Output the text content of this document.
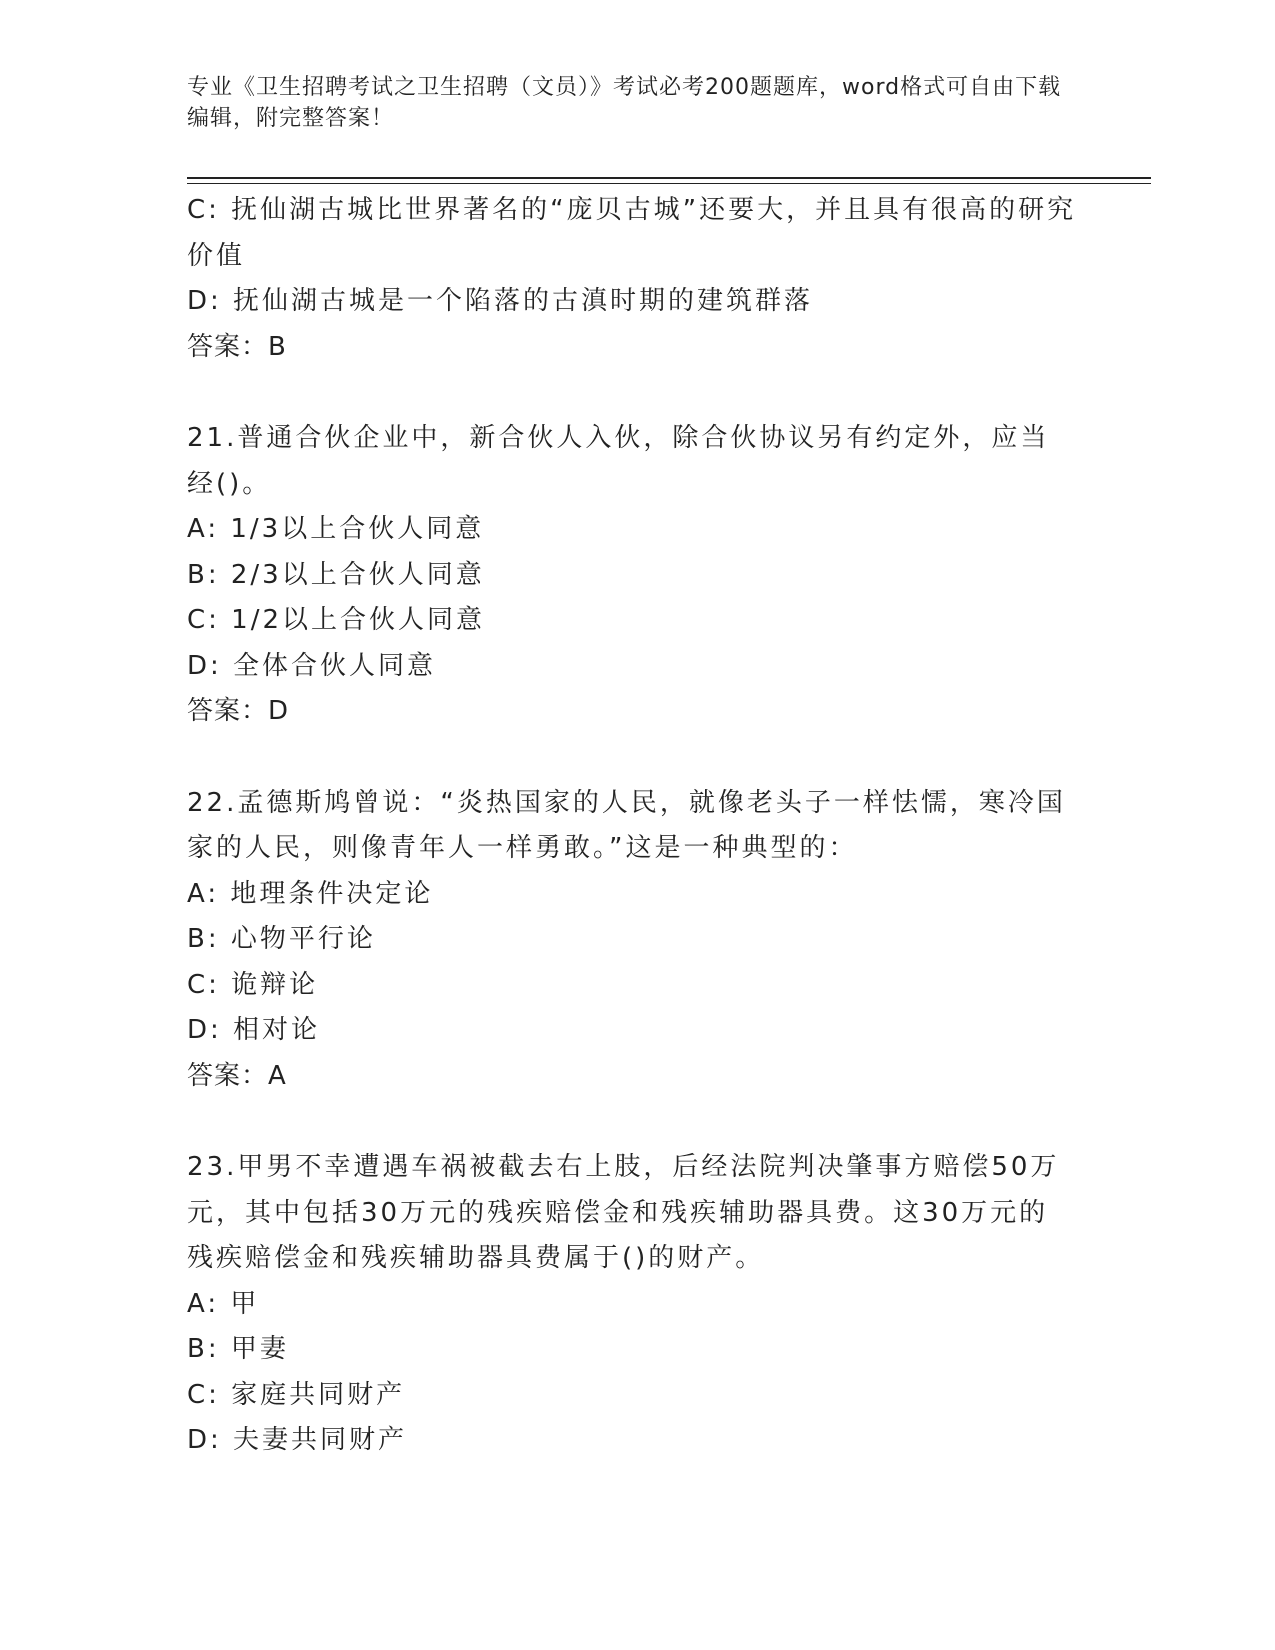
专业《卫生招聘考试之卫生招聘（文员）》考试必考200题题库，word格式可自由下载编辑，附完整答案！

C: 抚仙湖古城比世界著名的“庞贝古城”还要大，并且具有很高的研究价值

D: 抚仙湖古城是一个陷落的古滇时期的建筑群落

答案：B

21.普通合伙企业中，新合伙人入伙，除合伙协议另有约定外，应当经()。

A: 1/3以上合伙人同意

B: 2/3以上合伙人同意

C: 1/2以上合伙人同意

D: 全体合伙人同意

答案：D

22.孟德斯鸠曾说：“炎热国家的人民，就像老头子一样怯懦，寒冷国家的人民，则像青年人一样勇敢。”这是一种典型的：

A: 地理条件决定论

B: 心物平行论

C: 诡辩论

D: 相对论

答案：A

23.甲男不幸遭遇车祸被截去右上肢，后经法院判决肇事方赔偿50万元，其中包括30万元的残疾赔偿金和残疾辅助器具费。这30万元的残疾赔偿金和残疾辅助器具费属于()的财产。

A: 甲

B: 甲妻

C: 家庭共同财产

D: 夫妻共同财产
